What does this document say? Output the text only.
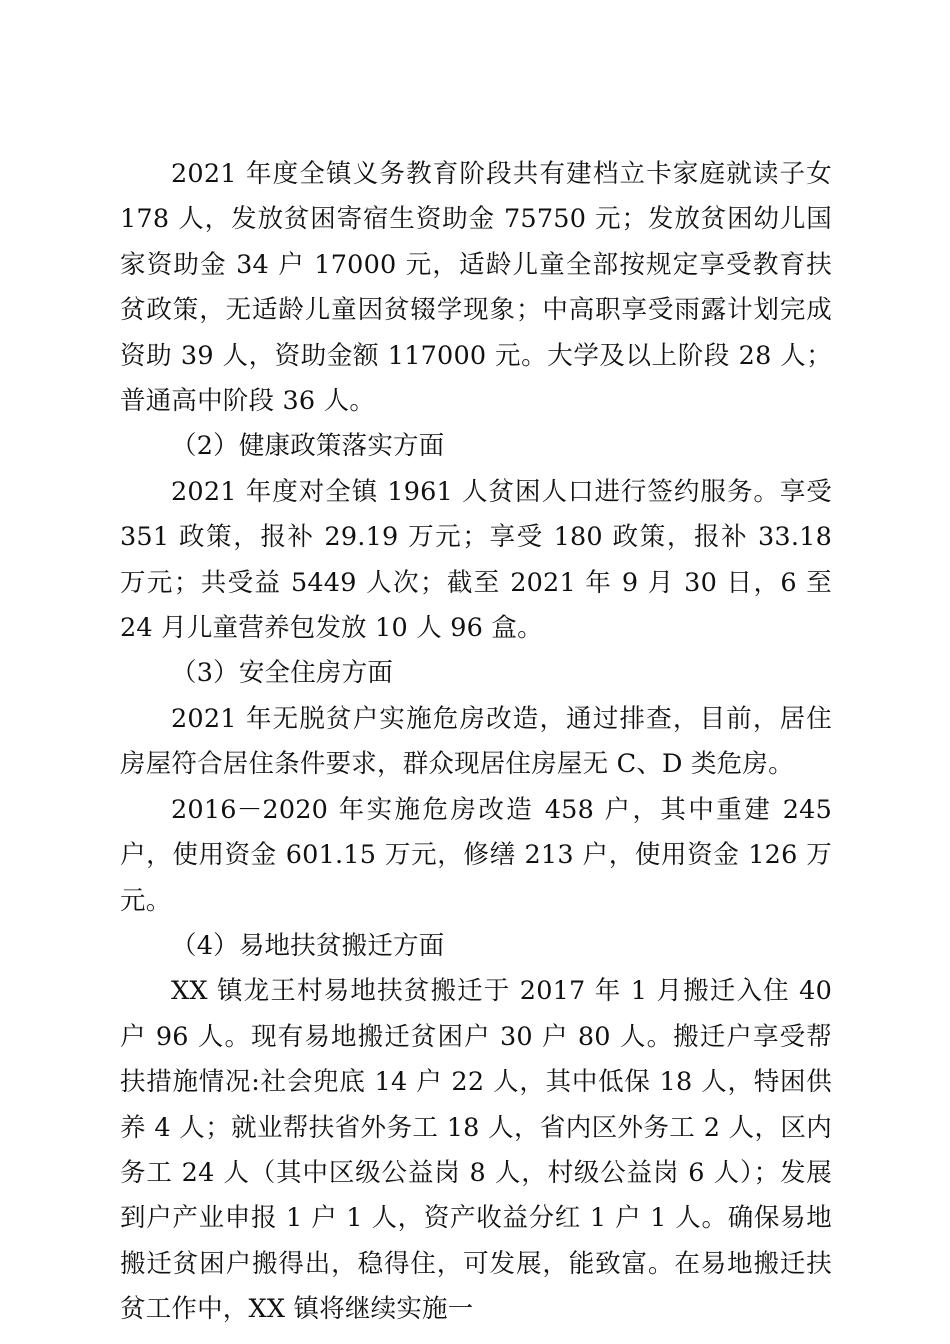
2021 年度全镇义务教育阶段共有建档立卡家庭就读子女 178 人，发放贫困寄宿生资助金 75750 元；发放贫困幼儿国家资助金 34 户 17000 元，适龄儿童全部按规定享受教育扶贫政策，无适龄儿童因贫辍学现象；中高职享受雨露计划完成资助 39 人，资助金额 117000 元。大学及以上阶段 28 人；普通高中阶段 36 人。

（2）健康政策落实方面

2021 年度对全镇 1961 人贫困人口进行签约服务。享受 351 政策，报补 29.19 万元；享受 180 政策，报补 33.18 万元；共受益 5449 人次；截至 2021 年 9 月 30 日，6 至 24 月儿童营养包发放 10 人 96 盒。

（3）安全住房方面

2021 年无脱贫户实施危房改造，通过排查，目前，居住房屋符合居住条件要求，群众现居住房屋无 C、D 类危房。

2016－2020 年实施危房改造 458 户，其中重建 245 户，使用资金 601.15 万元，修缮 213 户，使用资金 126 万元。

（4）易地扶贫搬迁方面

XX 镇龙王村易地扶贫搬迁于 2017 年 1 月搬迁入住 40 户 96 人。现有易地搬迁贫困户 30 户 80 人。搬迁户享受帮扶措施情况:社会兜底 14 户 22 人，其中低保 18 人，特困供养 4 人；就业帮扶省外务工 18 人，省内区外务工 2 人，区内务工 24 人（其中区级公益岗 8 人，村级公益岗 6 人）；发展到户产业申报 1 户 1 人，资产收益分红 1 户 1 人。确保易地搬迁贫困户搬得出，稳得住，可发展，能致富。在易地搬迁扶贫工作中，XX 镇将继续实施一
